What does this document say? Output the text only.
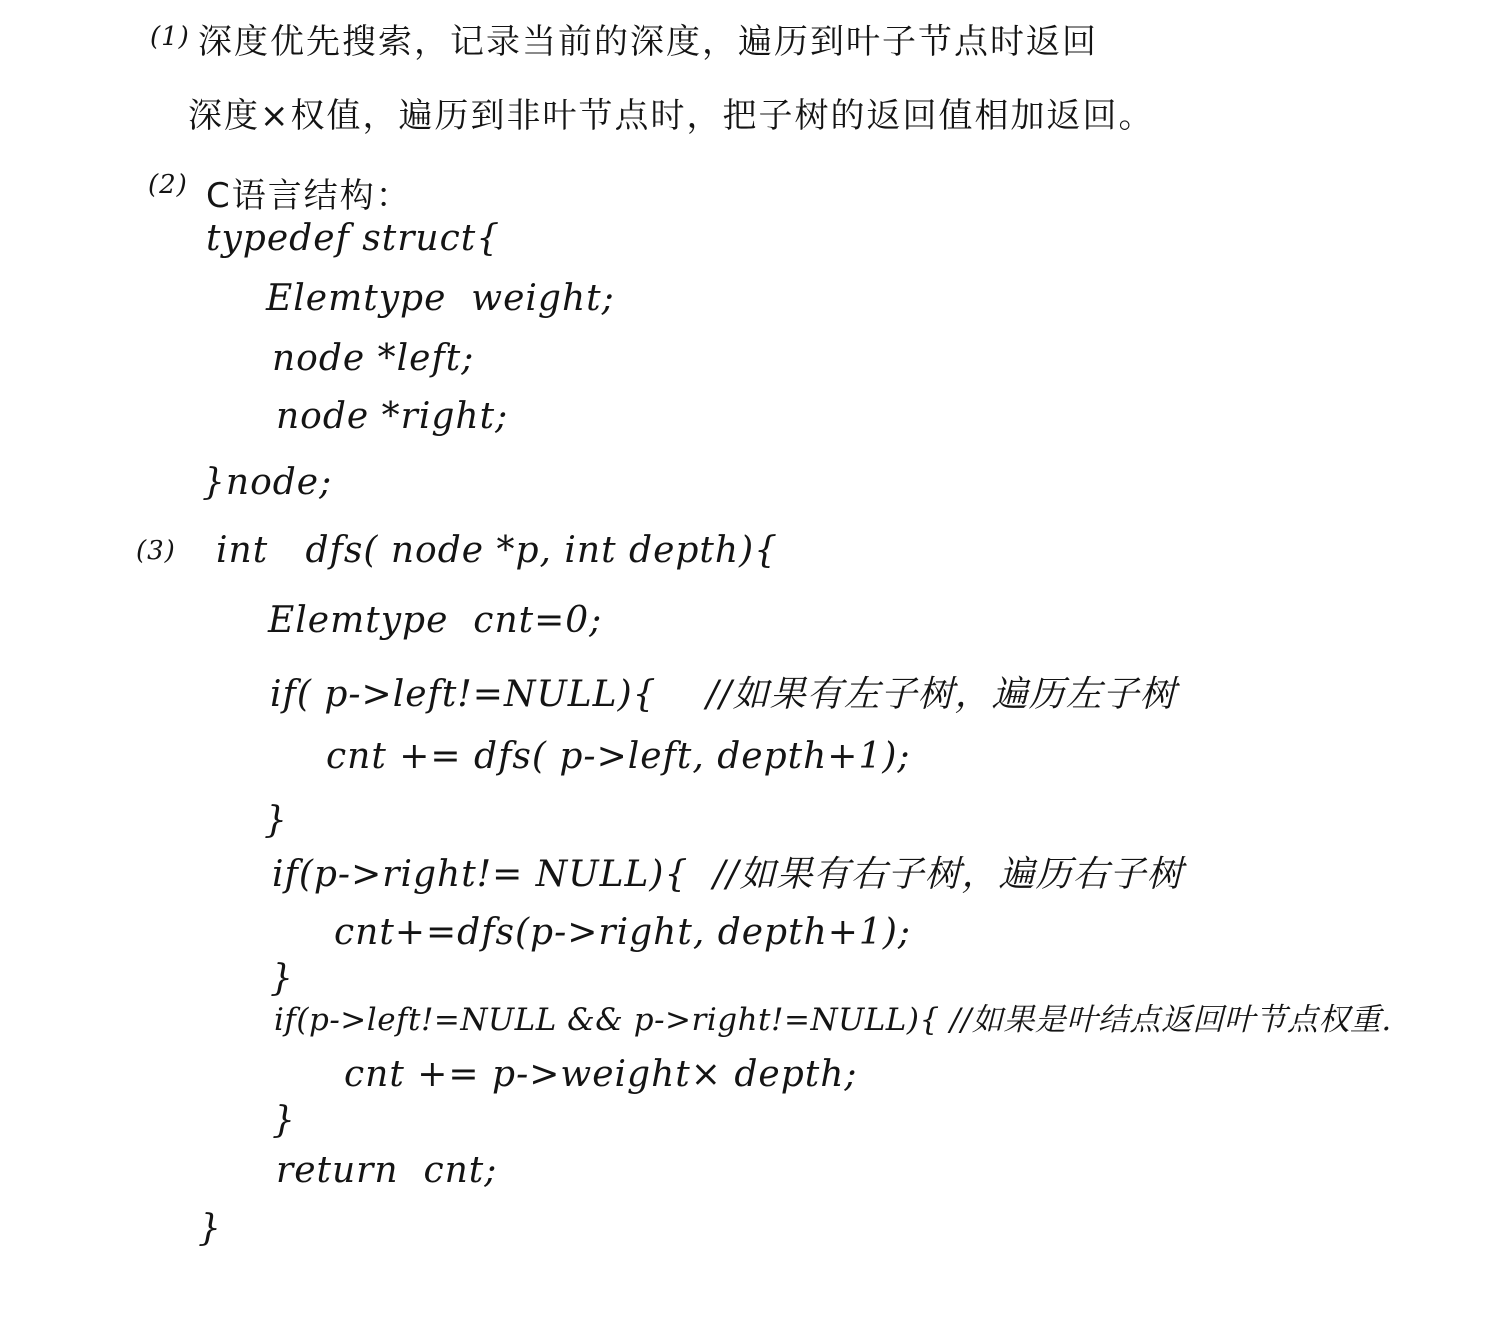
(1) 深度优先搜索，记录当前的深度，遍历到叶子节点时返回
深度×权值，遍历到非叶节点时，把子树的返回值相加返回。
(2) C语言结构：
typedef struct{
Elemtype  weight;
node *left;
node *right;
}node;
(3) int   dfs( node *p, int depth){
Elemtype  cnt=0;
if( p->left!=NULL){    //如果有左子树，遍历左子树
cnt += dfs( p->left, depth+1);
}
if(p->right!= NULL){  //如果有右子树，遍历右子树
cnt+=dfs(p->right, depth+1);
}
if(p->left!=NULL && p->right!=NULL){ //如果是叶结点返回叶节点权重.
cnt += p->weight× depth;
}
return  cnt;
}
